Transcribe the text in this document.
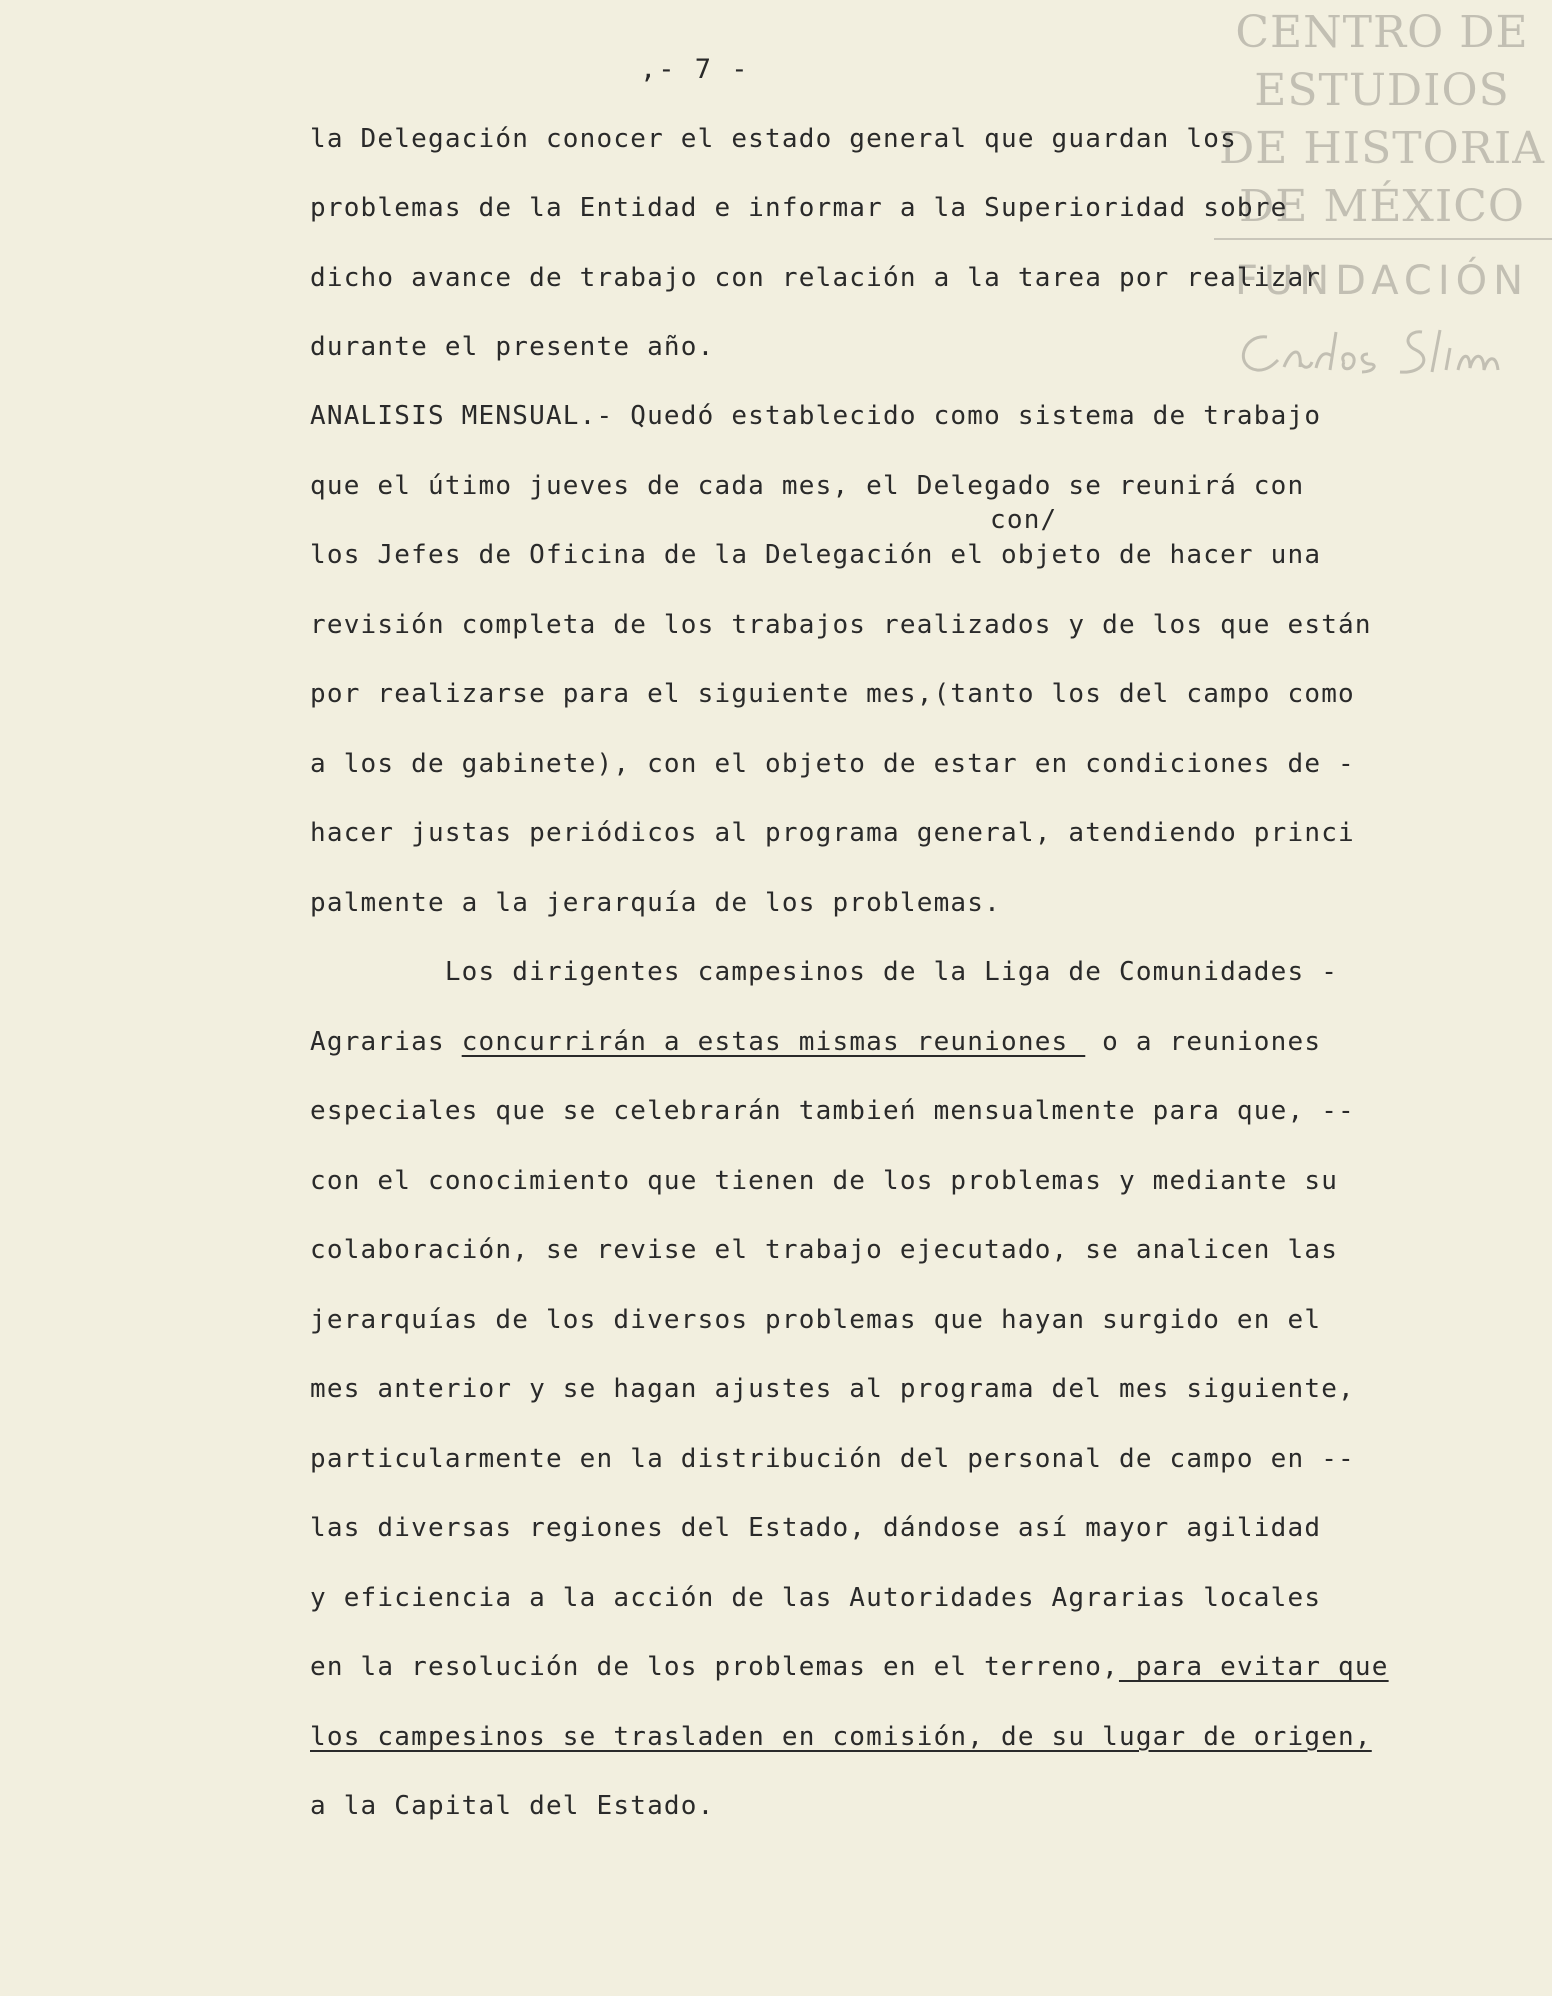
CENTRO DE
ESTUDIOS
DE HISTORIA
DE MÉXICO
FUNDACIÓN
,- 7 -
con/
la Delegación conocer el estado general que guardan los
problemas de la Entidad e informar a la Superioridad sobre
dicho avance de trabajo con relación a la tarea por realizar
durante el presente año.
ANALISIS MENSUAL.- Quedó establecido como sistema de trabajo
que el útimo jueves de cada mes, el Delegado se reunirá con
los Jefes de Oficina de la Delegación el objeto de hacer una
revisión completa de los trabajos realizados y de los que están
por realizarse para el siguiente mes,(tanto los del campo como
a los de gabinete), con el objeto de estar en condiciones de -
hacer justas periódicos al programa general, atendiendo princi
palmente a la jerarquía de los problemas.
Los dirigentes campesinos de la Liga de Comunidades -
Agrarias concurrirán a estas mismas reuniones  o a reuniones
especiales que se celebrarán tambień mensualmente para que, --
con el conocimiento que tienen de los problemas y mediante su
colaboración, se revise el trabajo ejecutado, se analicen las
jerarquías de los diversos problemas que hayan surgido en el
mes anterior y se hagan ajustes al programa del mes siguiente,
particularmente en la distribución del personal de campo en --
las diversas regiones del Estado, dándose así mayor agilidad
y eficiencia a la acción de las Autoridades Agrarias locales
en la resolución de los problemas en el terreno, para evitar que
los campesinos se trasladen en comisión, de su lugar de origen,
a la Capital del Estado.
